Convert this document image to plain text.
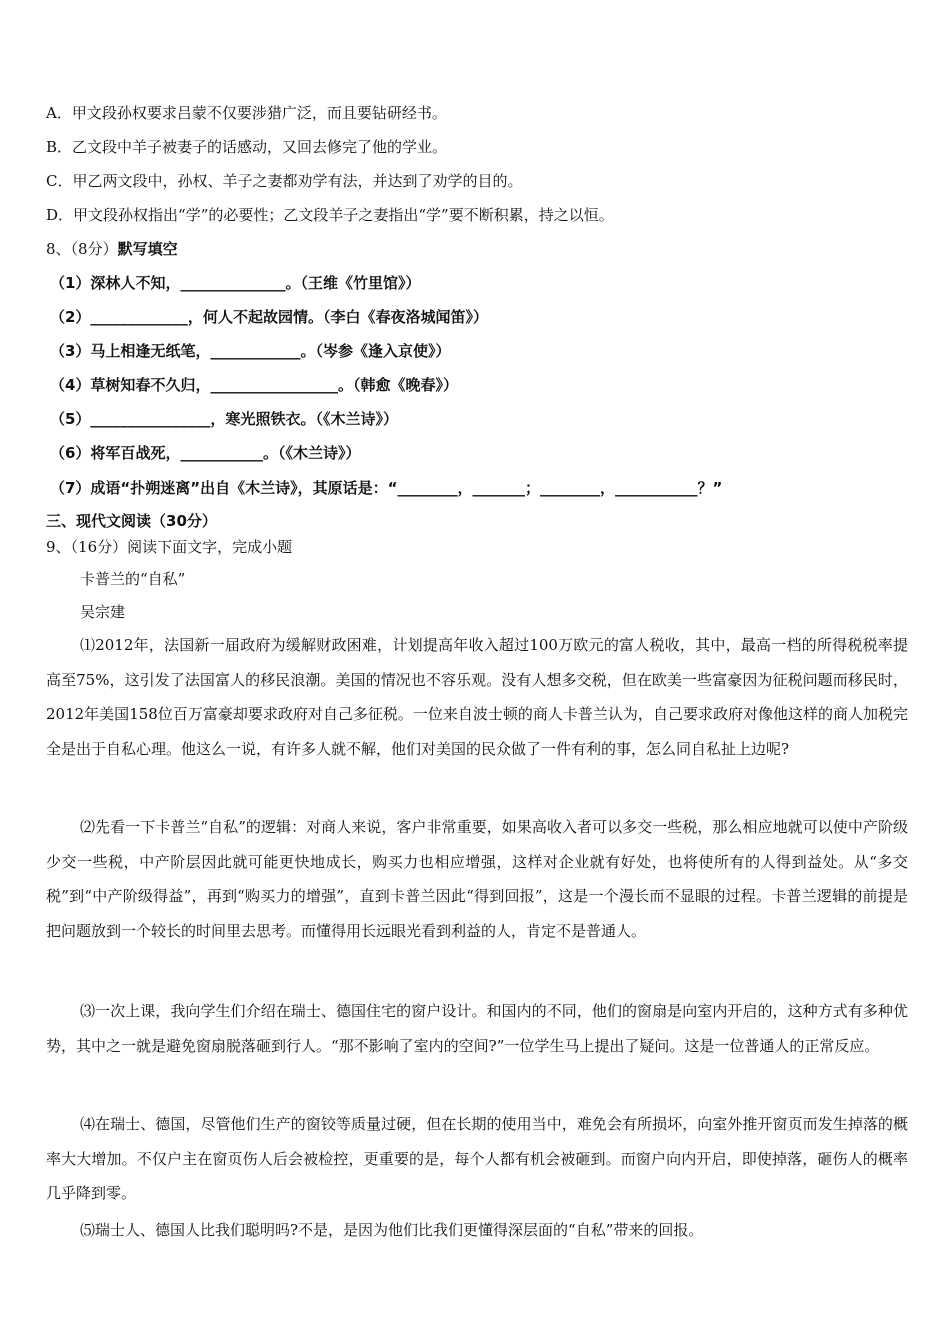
A．甲文段孙权要求吕蒙不仅要涉猎广泛，而且要钻研经书。
B．乙文段中羊子被妻子的话感动，又回去修完了他的学业。
C．甲乙两文段中，孙权、羊子之妻都劝学有法，并达到了劝学的目的。
D．甲文段孙权指出“学”的必要性；乙文段羊子之妻指出“学”要不断积累，持之以恒。
8、（8分）默写填空
（1）深林人不知，______________。（王维《竹里馆》）
（2）_____________，何人不起故园情。（李白《春夜洛城闻笛》）
（3）马上相逢无纸笔，____________。（岑参《逢入京使》）
（4）草树知春不久归，_________________。（韩愈《晚春》）
（5）________________，寒光照铁衣。（《木兰诗》）
（6）将军百战死，___________。（《木兰诗》）
（7）成语“扑朔迷离”出自《木兰诗》，其原话是：“________，_______；________，___________？”
三、现代文阅读（30分）
9、（16分）阅读下面文字，完成小题
卡普兰的“自私”
吴宗建
⑴2012年，法国新一届政府为缓解财政困难，计划提高年收入超过100万欧元的富人税收，其中，最高一档的所得税税率提高至75%，这引发了法国富人的移民浪潮。美国的情况也不容乐观。没有人想多交税，但在欧美一些富豪因为征税问题而移民时，2012年美国158位百万富豪却要求政府对自己多征税。一位来自波士顿的商人卡普兰认为，自己要求政府对像他这样的商人加税完全是出于自私心理。他这么一说，有许多人就不解，他们对美国的民众做了一件有利的事，怎么同自私扯上边呢?
⑵先看一下卡普兰“自私”的逻辑：对商人来说，客户非常重要，如果高收入者可以多交一些税，那么相应地就可以使中产阶级少交一些税，中产阶层因此就可能更快地成长，购买力也相应增强，这样对企业就有好处，也将使所有的人得到益处。从“多交税”到“中产阶级得益”，再到“购买力的增强”，直到卡普兰因此“得到回报”，这是一个漫长而不显眼的过程。卡普兰逻辑的前提是把问题放到一个较长的时间里去思考。而懂得用长远眼光看到利益的人，肯定不是普通人。
⑶一次上课，我向学生们介绍在瑞士、德国住宅的窗户设计。和国内的不同，他们的窗扇是向室内开启的，这种方式有多种优势，其中之一就是避免窗扇脱落砸到行人。“那不影响了室内的空间?”一位学生马上提出了疑问。这是一位普通人的正常反应。
⑷在瑞士、德国，尽管他们生产的窗铰等质量过硬，但在长期的使用当中，难免会有所损坏，向室外推开窗页而发生掉落的概率大大增加。不仅户主在窗页伤人后会被检控，更重要的是，每个人都有机会被砸到。而窗户向内开启，即使掉落，砸伤人的概率几乎降到零。
⑸瑞士人、德国人比我们聪明吗?不是，是因为他们比我们更懂得深层面的“自私”带来的回报。
